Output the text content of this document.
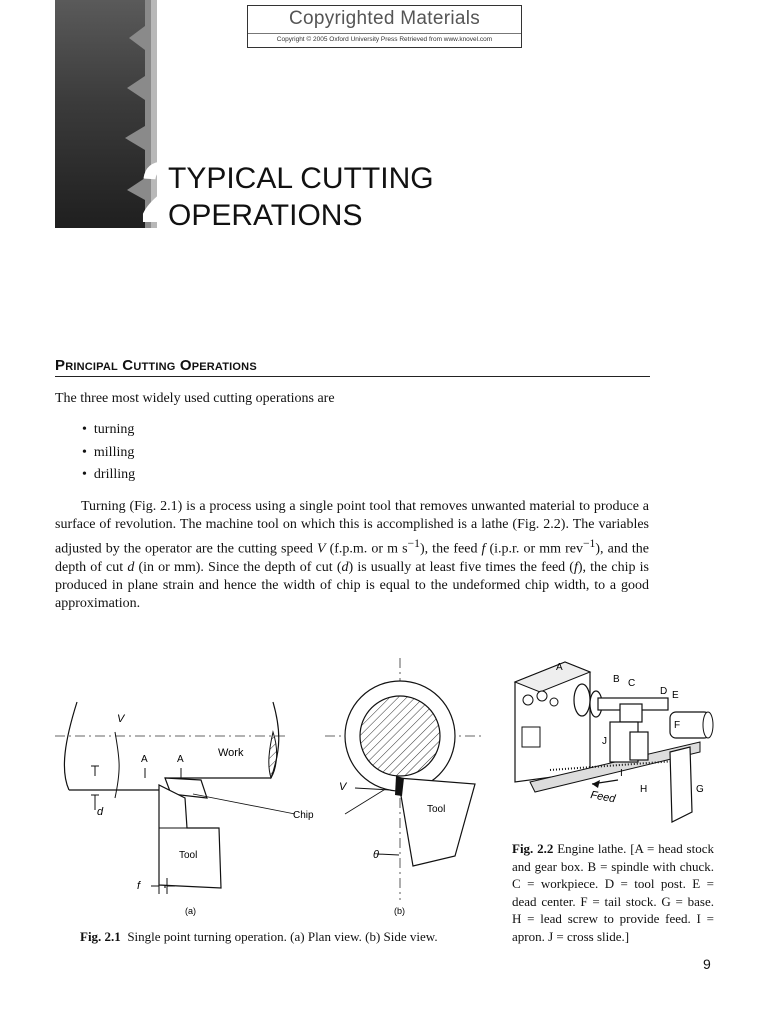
Copyrighted Materials
Copyright © 2005 Oxford University Press Retrieved from www.knovel.com
2
TYPICAL CUTTING
OPERATIONS
Principal Cutting Operations
The three most widely used cutting operations are
• turning
• milling
• drilling

Turning (Fig. 2.1) is a process using a single point tool that removes unwanted material to produce a surface of revolution. The machine tool on which this is accomplished is a lathe (Fig. 2.2). The variables adjusted by the operator are the cutting speed V (f.p.m. or m $s^{-1}$), the feed f (i.p.r. or mm rev$^{-1}$), and the depth of cut d (in or mm). Since the depth of cut (d) is usually at least five times the feed (f), the chip is produced in plane strain and hence the width of chip is equal to the undeformed chip width, to a good approximation.

V
A	A
Work
d	Chip
Tool
f
(a)
V
Tool
θ
(b)
Fig. 2.1 Single point turning operation. (a) Plan view. (b) Side view.
A
B C
D E
F
G
H
I
J
Feed

Fig. 2.2 Engine lathe. [A = head stock and gear box. B = spindle with chuck. C = workpiece. D = tool post. E = dead center. F = tail stock. G = base. H = lead screw to provide feed. I = apron. J = cross slide.]

9
